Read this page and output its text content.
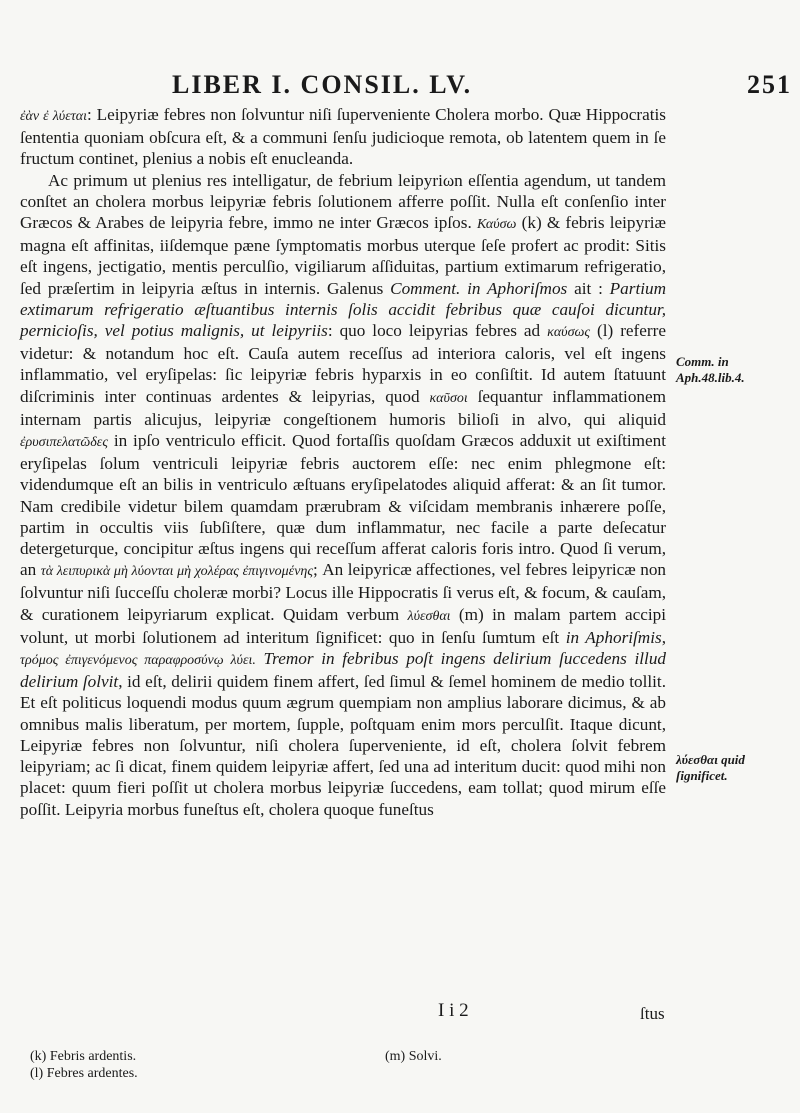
LIBER I. CONSIL. LV.	251

ἐὰν ἐ λύεται: Leipyriæ febres non ſolvuntur niſi ſuperveniente Cholera morbo. Quæ Hippocratis ſententia quoniam obſcura eſt, & a communi ſenſu judicioque remota, ob latentem quem in ſe fructum continet, plenius a nobis eſt enucleanda.

Ac primum ut plenius res intelligatur, de febrium leipyriωn eſſentia agendum, ut tandem conſtet an cholera morbus leipyriæ febris ſolutionem afferre poſſit. Nulla eſt conſenſio inter Græcos & Arabes de leipyria febre, immo ne inter Græcos ipſos. Καύσω (k) & febris leipyriæ magna eſt affinitas, iiſdemque pæne ſymptomatis morbus uterque ſeſe profert ac prodit: Sitis eſt ingens, jectigatio, mentis perculſio, vigiliarum aſſiduitas, partium extimarum refrigeratio, ſed præſertim in leipyria æſtus in internis. Galenus Comment. in Aphoriſmos ait : Partium extimarum refrigeratio æſtuantibus internis ſolis accidit febribus quæ cauſoi dicuntur, pernicioſis, vel potius malignis, ut leipyriis: quo loco leipyrias febres ad καύσως (l) referre videtur: & notandum hoc eſt. Cauſa autem receſſus ad interiora caloris, vel eſt ingens inflammatio, vel eryſipelas: ſic leipyriæ febris hyparxis in eo conſiſtit. Id autem ſtatuunt diſcriminis inter continuas ardentes & leipyrias, quod καῦσοι ſequantur inflammationem internam partis alicujus, leipyriæ congeſtionem humoris bilioſi in alvo, qui aliquid ἐρυσιπελατῶδες in ipſo ventriculo efficit. Quod fortaſſis quoſdam Græcos adduxit ut exiſtiment eryſipelas ſolum ventriculi leipyriæ febris auctorem eſſe: nec enim phlegmone eſt: videndumque eſt an bilis in ventriculo æſtuans eryſipelatodes aliquid afferat: & an ſit tumor. Nam credibile videtur bilem quamdam prærubram & viſcidam membranis inhærere poſſe, partim in occultis viis ſubſiſtere, quæ dum inflammatur, nec facile a parte deſecatur detergeturque, concipitur æſtus ingens qui receſſum afferat caloris foris intro. Quod ſi verum, an τὰ λειπυρικὰ μὴ λύονται μὴ χολέρας ἐπιγινομένης; An leipyricæ affectiones, vel febres leipyricæ non ſolvuntur niſi ſucceſſu choleræ morbi? Locus ille Hippocratis ſi verus eſt, & focum, & cauſam, & curationem leipyriarum explicat. Quidam verbum λύεσθαι (m) in malam partem accipi volunt, ut morbi ſolutionem ad interitum ſignificet: quo in ſenſu ſumtum eſt in Aphoriſmis, τρόμος ἐπιγενόμενος παραφροσύνῳ λύει. Tremor in febribus poſt ingens delirium ſuccedens illud delirium ſolvit, id eſt, delirii quidem finem affert, ſed ſimul & ſemel hominem de medio tollit. Et eſt politicus loquendi modus quum ægrum quempiam non amplius laborare dicimus, & ab omnibus malis liberatum, per mortem, ſupple, poſtquam enim mors perculſit. Itaque dicunt, Leipyriæ febres non ſolvuntur, niſi cholera ſuperveniente, id eſt, cholera ſolvit febrem leipyriam; ac ſi dicat, finem quidem leipyriæ affert, ſed una ad interitum ducit: quod mihi non placet: quum fieri poſſit ut cholera morbus leipyriæ ſuccedens, eam tollat; quod mirum eſſe poſſit. Leipyria morbus funeſtus eſt, cholera quoque funeſtus

Comm. in Aph.48.lib.4.
λύεσθαι quid ſignificet.
I i 2	ſtus
(k) Febris ardentis.
(l) Febres ardentes.
(m) Solvi.
